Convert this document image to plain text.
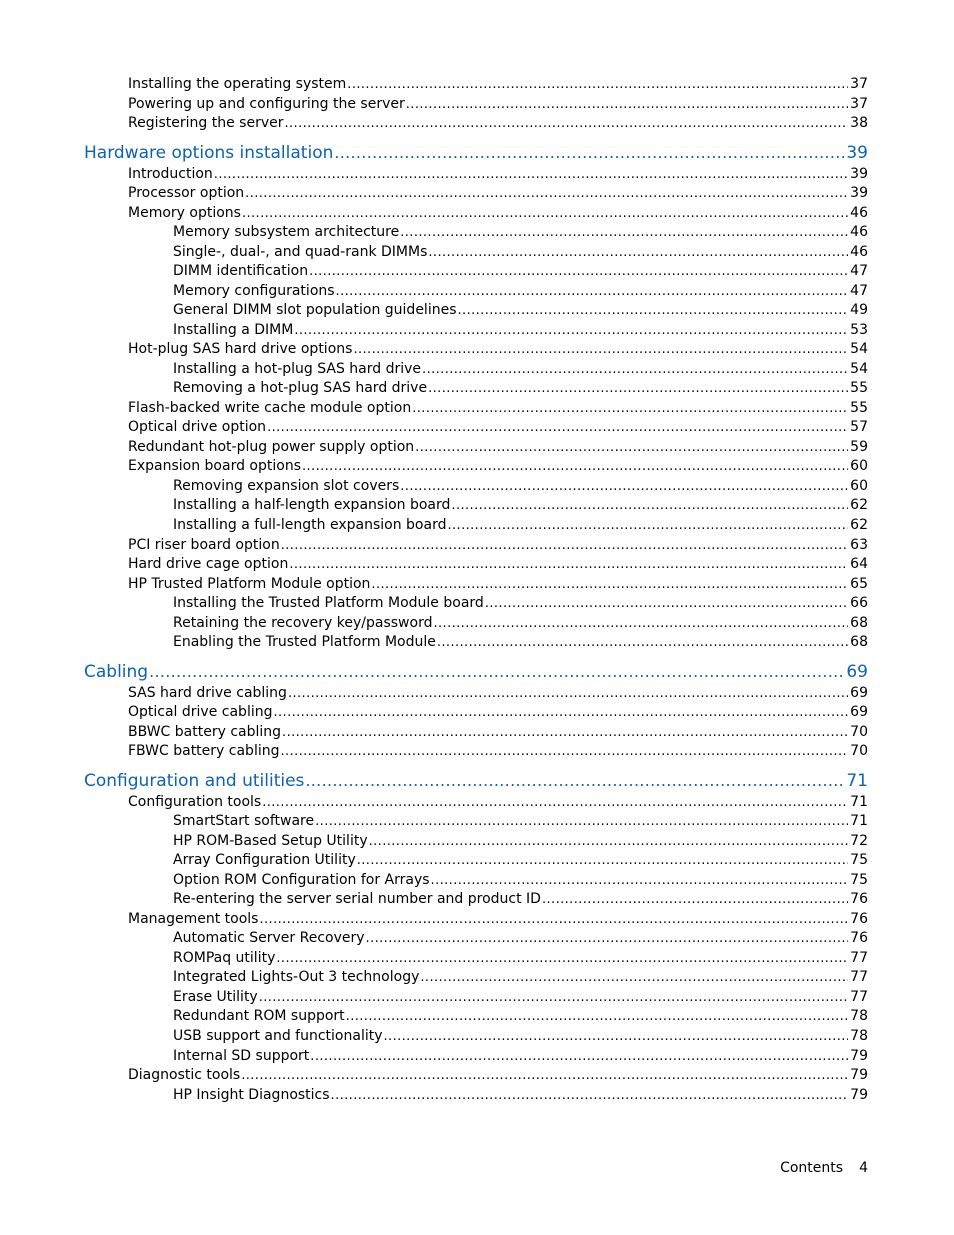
Installing the operating system .....	37
Powering up and configuring the server .....	37
Registering the server .....	38
Hardware options installation .....	39
Introduction .....	39
Processor option .....	39
Memory options .....	46
Memory subsystem architecture .....	46
Single-, dual-, and quad-rank DIMMs .....	46
DIMM identification .....	47
Memory configurations .....	47
General DIMM slot population guidelines .....	49
Installing a DIMM .....	53
Hot-plug SAS hard drive options .....	54
Installing a hot-plug SAS hard drive .....	54
Removing a hot-plug SAS hard drive .....	55
Flash-backed write cache module option .....	55
Optical drive option .....	57
Redundant hot-plug power supply option .....	59
Expansion board options .....	60
Removing expansion slot covers .....	60
Installing a half-length expansion board .....	62
Installing a full-length expansion board .....	62
PCI riser board option .....	63
Hard drive cage option .....	64
HP Trusted Platform Module option .....	65
Installing the Trusted Platform Module board .....	66
Retaining the recovery key/password .....	68
Enabling the Trusted Platform Module .....	68
Cabling .....	69
SAS hard drive cabling .....	69
Optical drive cabling .....	69
BBWC battery cabling .....	70
FBWC battery cabling .....	70
Configuration and utilities .....	71
Configuration tools .....	71
SmartStart software .....	71
HP ROM-Based Setup Utility .....	72
Array Configuration Utility .....	75
Option ROM Configuration for Arrays .....	75
Re-entering the server serial number and product ID .....	76
Management tools .....	76
Automatic Server Recovery .....	76
ROMPaq utility .....	77
Integrated Lights-Out 3 technology .....	77
Erase Utility .....	77
Redundant ROM support .....	78
USB support and functionality .....	78
Internal SD support .....	79
Diagnostic tools .....	79
HP Insight Diagnostics .....	79
Contents 4
